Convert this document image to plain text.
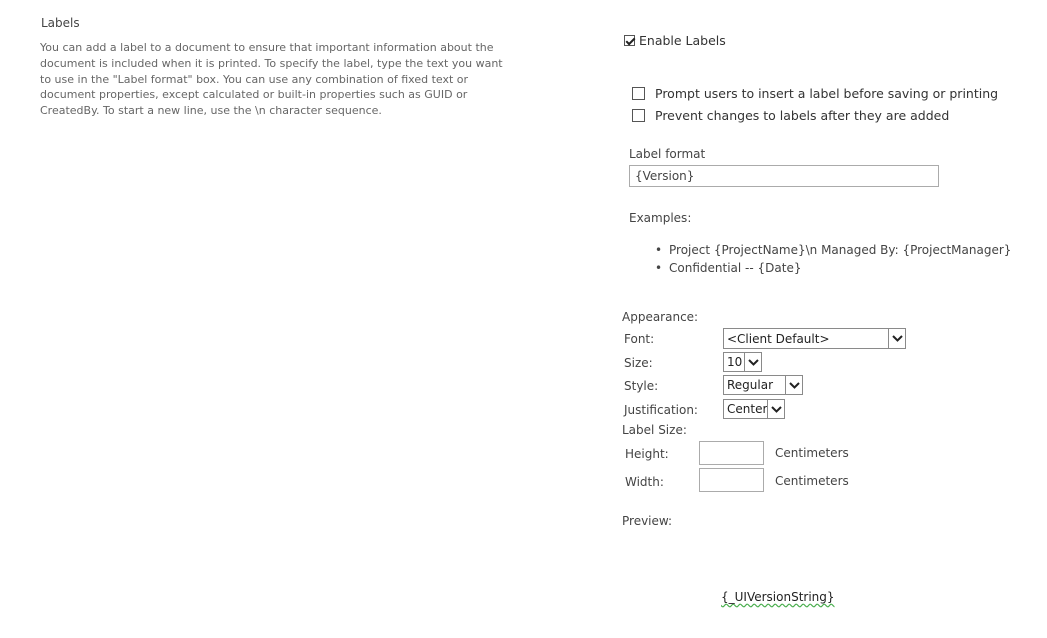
Labels
You can add a label to a document to ensure that important information about the document is included when it is printed. To specify the label, type the text you want to use in the "Label format" box. You can use any combination of fixed text or document properties, except calculated or built-in properties such as GUID or CreatedBy. To start a new line, use the \n character sequence.
Enable Labels
Prompt users to insert a label before saving or printing
Prevent changes to labels after they are added
Label format
{Version}
Examples:
• Project {ProjectName}\n Managed By: {ProjectManager}
• Confidential -- {Date}
Appearance:
Font:	<Client Default>
Size:	10
Style:	Regular
Justification: Center
Label Size:
Height:	Centimeters
Width:	Centimeters
Preview:
{_UIVersionString}
